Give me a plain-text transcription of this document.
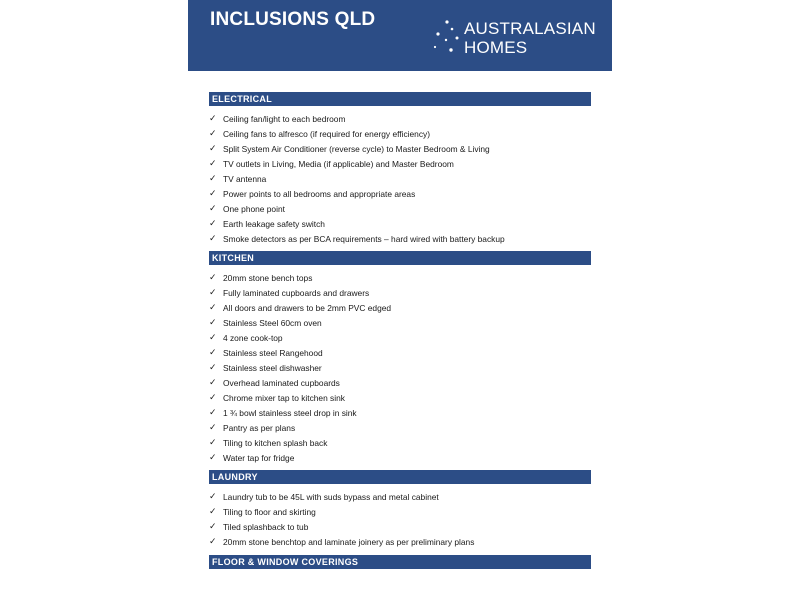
INCLUSIONS QLD	AUSTRALASIAN
HOMES
ELECTRICAL
✓ Ceiling fan/light to each bedroom
✓ Ceiling fans to alfresco (if required for energy efficiency)
✓ Split System Air Conditioner (reverse cycle) to Master Bedroom & Living
✓ TV outlets in Living, Media (if applicable) and Master Bedroom
✓ TV antenna
✓ Power points to all bedrooms and appropriate areas
✓ One phone point
✓ Earth leakage safety switch
✓ Smoke detectors as per BCA requirements – hard wired with battery backup
KITCHEN
✓ 20mm stone bench tops
✓ Fully laminated cupboards and drawers
✓ All doors and drawers to be 2mm PVC edged
✓ Stainless Steel 60cm oven
✓ 4 zone cook-top
✓ Stainless steel Rangehood
✓ Stainless steel dishwasher
✓ Overhead laminated cupboards
✓ Chrome mixer tap to kitchen sink
✓ 1 ¾ bowl stainless steel drop in sink
✓ Pantry as per plans
✓ Tiling to kitchen splash back
✓ Water tap for fridge
LAUNDRY
✓ Laundry tub to be 45L with suds bypass and metal cabinet
✓ Tiling to floor and skirting
✓ Tiled splashback to tub
✓ 20mm stone benchtop and laminate joinery as per preliminary plans
FLOOR & WINDOW COVERINGS
